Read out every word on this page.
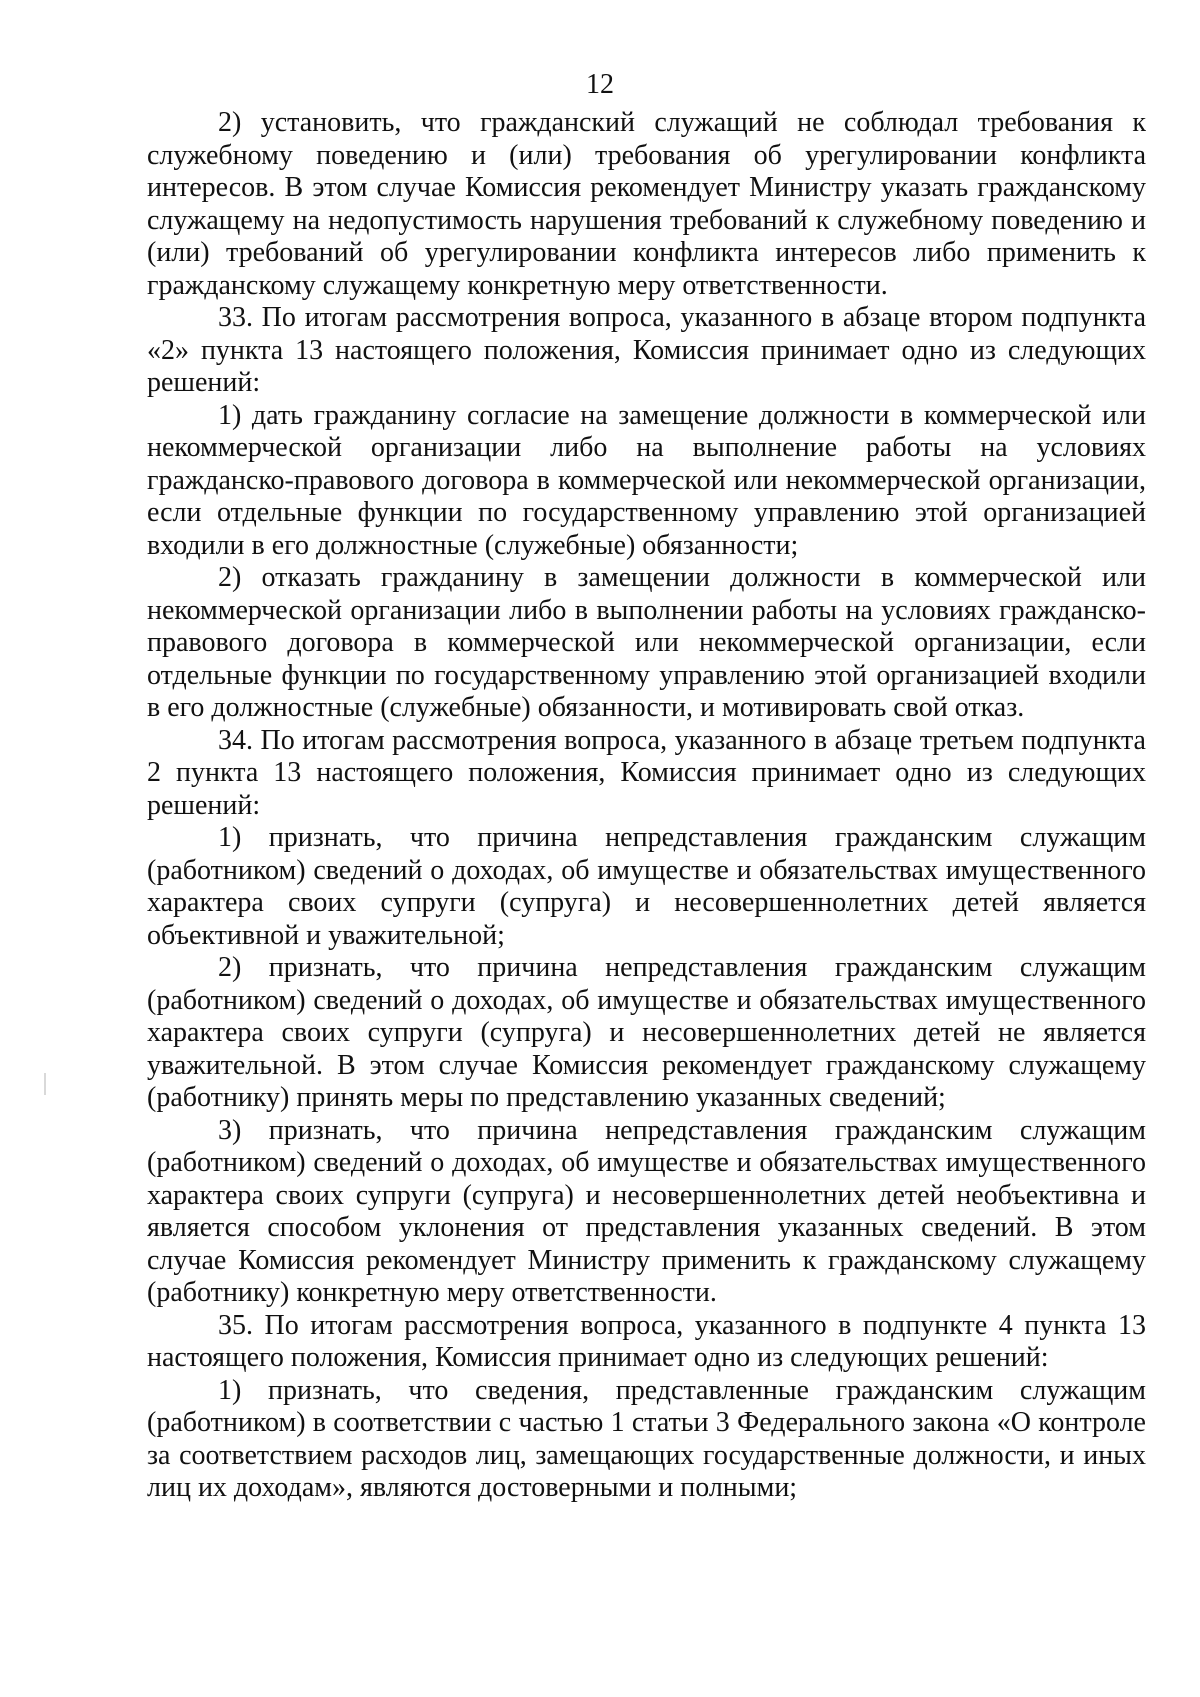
12

2) установить, что гражданский служащий не соблюдал требования к служебному поведению и (или) требования об урегулировании конфликта интересов. В этом случае Комиссия рекомендует Министру указать гражданскому служащему на недопустимость нарушения требований к служебному поведению и (или) требований об урегулировании конфликта интересов либо применить к гражданскому служащему конкретную меру ответственности.

33. По итогам рассмотрения вопроса, указанного в абзаце втором подпункта «2» пункта 13 настоящего положения, Комиссия принимает одно из следующих решений:

1) дать гражданину согласие на замещение должности в коммерческой или некоммерческой организации либо на выполнение работы на условиях гражданско-правового договора в коммерческой или некоммерческой организации, если отдельные функции по государственному управлению этой организацией входили в его должностные (служебные) обязанности;

2) отказать гражданину в замещении должности в коммерческой или некоммерческой организации либо в выполнении работы на условиях гражданско-правового договора в коммерческой или некоммерческой организации, если отдельные функции по государственному управлению этой организацией входили в его должностные (служебные) обязанности, и мотивировать свой отказ.

34. По итогам рассмотрения вопроса, указанного в абзаце третьем подпункта 2 пункта 13 настоящего положения, Комиссия принимает одно из следующих решений:

1) признать, что причина непредставления гражданским служащим (работником) сведений о доходах, об имуществе и обязательствах имущественного характера своих супруги (супруга) и несовершеннолетних детей является объективной и уважительной;

2) признать, что причина непредставления гражданским служащим (работником) сведений о доходах, об имуществе и обязательствах имущественного характера своих супруги (супруга) и несовершеннолетних детей не является уважительной. В этом случае Комиссия рекомендует гражданскому служащему (работнику) принять меры по представлению указанных сведений;

3) признать, что причина непредставления гражданским служащим (работником) сведений о доходах, об имуществе и обязательствах имущественного характера своих супруги (супруга) и несовершеннолетних детей необъективна и является способом уклонения от представления указанных сведений. В этом случае Комиссия рекомендует Министру применить к гражданскому служащему (работнику) конкретную меру ответственности.

35. По итогам рассмотрения вопроса, указанного в подпункте 4 пункта 13 настоящего положения, Комиссия принимает одно из следующих решений:

1) признать, что сведения, представленные гражданским служащим (работником) в соответствии с частью 1 статьи 3 Федерального закона «О контроле за соответствием расходов лиц, замещающих государственные должности, и иных лиц их доходам», являются достоверными и полными;
